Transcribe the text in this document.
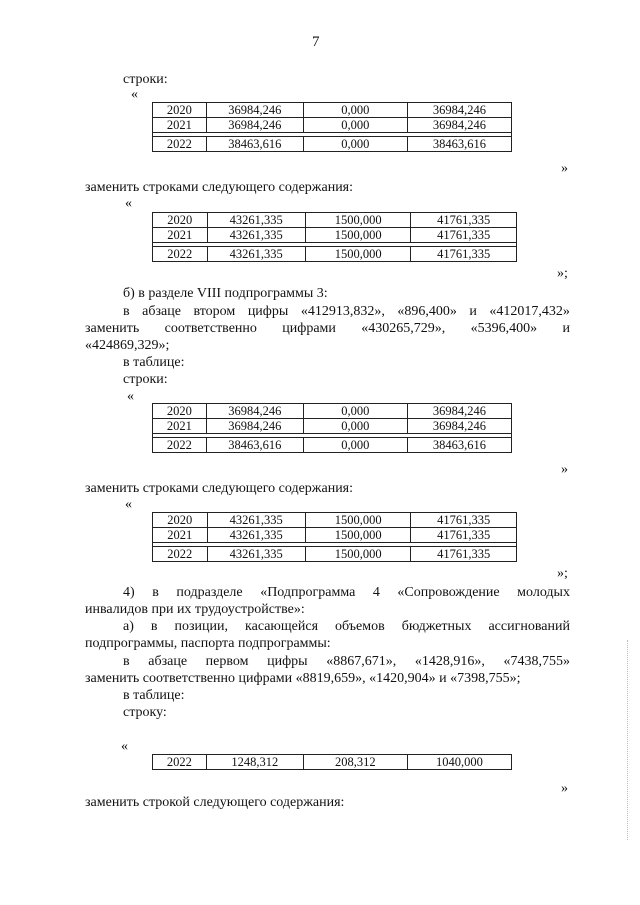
7
строки:
«
2020	36984,246	0,000	36984,246
2021	36984,246	0,000	36984,246

2022	38463,616	0,000	38463,616
»
заменить строками следующего содержания:
«
2020	43261,335	1500,000	41761,335
2021	43261,335	1500,000	41761,335

2022	43261,335	1500,000	41761,335
»;
б) в разделе VIII подпрограммы 3:
в абзаце втором цифры «412913,832», «896,400» и «412017,432»
заменить соответственно цифрами «430265,729», «5396,400» и
«424869,329»;
в таблице:
строки:
«
2020	36984,246	0,000	36984,246
2021	36984,246	0,000	36984,246

2022	38463,616	0,000	38463,616
»
заменить строками следующего содержания:
«
2020	43261,335	1500,000	41761,335
2021	43261,335	1500,000	41761,335

2022	43261,335	1500,000	41761,335
»;
4) в подразделе «Подпрограмма 4 «Сопровождение молодых
инвалидов при их трудоустройстве»:
а) в позиции, касающейся объемов бюджетных ассигнований
подпрограммы, паспорта подпрограммы:
в абзаце первом цифры «8867,671», «1428,916», «7438,755»
заменить соответственно цифрами «8819,659», «1420,904» и «7398,755»;
в таблице:
строку:
«
2022	1248,312	208,312	1040,000
»
заменить строкой следующего содержания:
